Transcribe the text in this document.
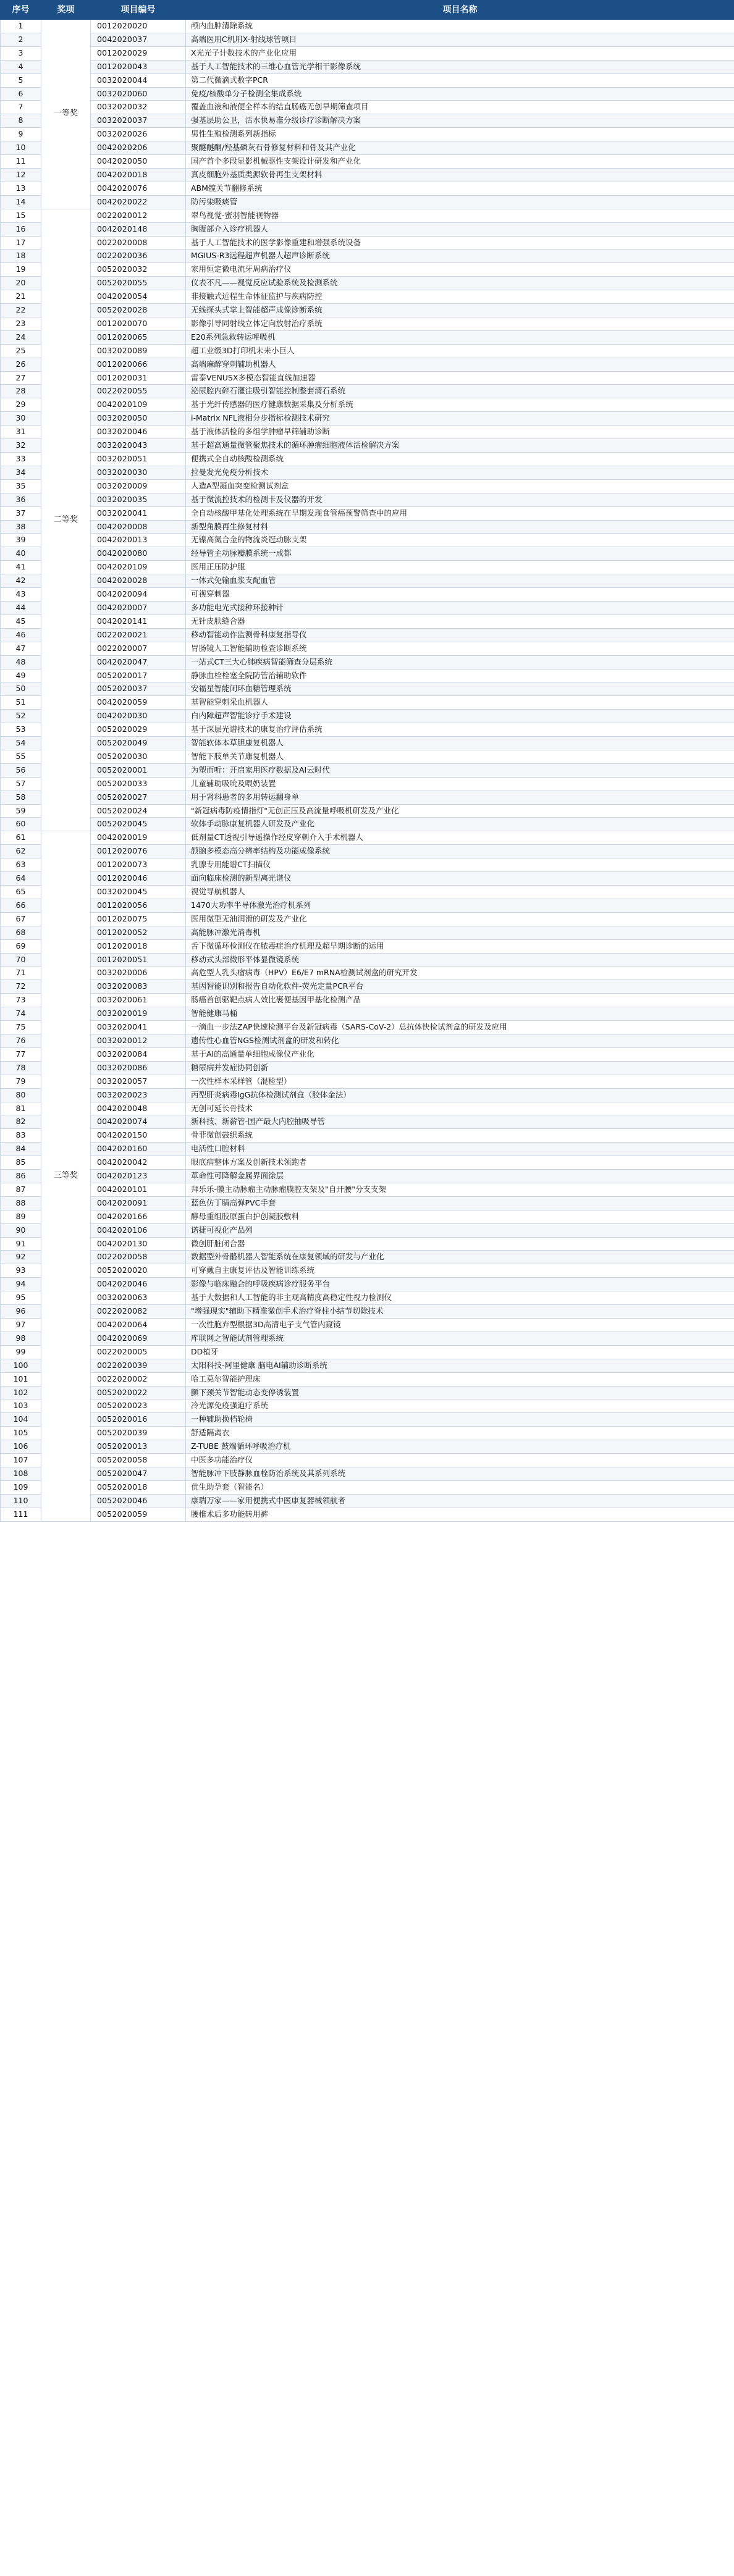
序号	奖项	项目编号	项目名称
1	一等奖	0012020020	颅内血肿清除系统
2		0042020037	高端医用C机用X-射线球管项目
3		0012020029	X光光子计数技术的产业化应用
4		0012020043	基于人工智能技术的三维心血管光学相干影像系统
5		0032020044	第二代微滴式数字PCR
6		0032020060	免疫/核酸单分子检测全集成系统
7		0032020032	覆盖血液和液便全样本的结直肠癌无创早期筛查项目
8		0032020037	强基层助公卫，活水快易准分级诊疗诊断解决方案
9		0032020026	男性生殖检测系列新指标
10		0042020206	聚醚醚酮/羟基磷灰石骨修复材料和骨及其产业化
11		0042020050	国产首个多段显影机械驱性支架设计研发和产业化
12		0042020018	真皮细胞外基质类源软骨再生支架材料
13		0042020076	ABM髋关节翻修系统
14		0042020022	防污染吸痰管
15	二等奖	0022020012	翠鸟视觉-蜜羽智能视物器
16		0042020148	胸腹部介入诊疗机器人
17		0022020008	基于人工智能技术的医学影像重建和增强系统设备
18		0022020036	MGIUS-R3远程超声机器人超声诊断系统
19		0052020032	家用恒定微电流牙周病治疗仪
20		0052020055	仪表不凡——视觉反应试验系统及检测系统
21		0042020054	非接触式远程生命体征监护与疾病防控
22		0052020028	无线探头式掌上智能超声成像诊断系统
23		0012020070	影像引导同射线立体定向放射治疗系统
24		0012020065	E20系列急救转运呼吸机
25		0032020089	超工业级3D打印机未来小巨人
26		0012020066	高端麻醉穿刺辅助机器人
27		0012020031	雷泰VENUSX多模态智能直线加速器
28		0022020055	泌尿腔内碎石灌注吸引智能控制整套清石系统
29		0042020109	基于光纤传感器的医疗健康数据采集及分析系统
30		0032020050	i-Matrix NFL液相分步指标检测技术研究
31		0032020046	基于液体活检的多组学肿瘤早筛辅助诊断
32		0032020043	基于超高通量微管聚焦技术的循环肿瘤细胞液体活检解决方案
33		0032020051	便携式全自动核酸检测系统
34		0032020030	拉曼发光免疫分析技术
35		0032020009	人造A型凝血突变检测试剂盒
36		0032020035	基于微流控技术的检测卡及仪器的开发
37		0032020041	全自动核酸甲基化处理系统在早期发现食管癌预警筛查中的应用
38		0042020008	新型角膜再生修复材料
39		0042020013	无镍高氮合金的物流炎冠动脉支架
40		0042020080	经导管主动脉瓣膜系统一成都
41		0042020109	医用正压防护服
42		0042020028	一体式免输血浆支配血管
43		0042020094	可视穿刺器
44		0042020007	多功能电光式接种环接种针
45		0042020141	无针皮肤缝合器
46		0022020021	移动智能动作监测骨科康复指导仪
47		0022020007	胃肠镜人工智能辅助检查诊断系统
48		0042020047	一站式CT三大心肺疾病智能筛查分层系统
49		0052020017	静脉血栓栓塞全院防管治辅助软件
50		0052020037	安福星智能闭环血糖管理系统
51		0042020059	基智能穿刺采血机器人
52		0042020030	白内障超声智能诊疗手术建设
53		0052020029	基于深层光谱技术的康复治疗评估系统
54		0052020049	智能软体本草胆康复机器人
55		0052020030	智能下肢单关节康复机器人
56		0052020001	为塑而听：开启家用医疗数据及AI云时代
57		0052020033	儿童辅助吸吮及喂奶装置
58		0052020027	用于肾科患者的多用转运翻身单
59		0052020024	"新冠病毒防疫情指灯"无创正压及高流量呼吸机研发及产业化
60		0052020045	软体手动脉康复机器人研发及产业化
61	三等奖	0042020019	低剂量CT透视引导遥操作经皮穿刺介入手术机器人
62		0012020076	颌脑多模态高分辨率结构及功能成像系统
63		0012020073	乳腺专用能谱CT扫描仪
64		0012020046	面向临床检测的新型离光谱仪
65		0032020045	视觉导航机器人
66		0012020056	1470大功率半导体激光治疗机系列
67		0012020075	医用微型无油润滑的研发及产业化
68		0012020052	高能脉冲激光消毒机
69		0012020018	舌下微循环检测仪在脓毒症治疗机理及超早期诊断的运用
70		0012020051	移动式头部微形平体显微镜系统
71		0032020006	高危型人乳头瘤病毒（HPV）E6/E7 mRNA检测试剂盒的研究开发
72		0032020083	基因智能识别和报告自动化软件-荧光定量PCR平台
73		0032020061	肠癌首创驱靶点病人效比裹便基因甲基化检测产品
74		0032020019	智能健康马桶
75		0032020041	一滴血一步法ZAP快速检测平台及新冠病毒（SARS-CoV-2）总抗体快检试剂盒的研发及应用
76		0032020012	遗传性心血管NGS检测试剂盒的研发和转化
77		0032020084	基于AI的高通量单细胞成像仪产业化
78		0032020086	糖尿病并发症协同创新
79		0032020057	一次性样本采样管（混检型）
80		0032020023	丙型肝炎病毒IgG抗体检测试剂盒（胶体金法）
81		0042020048	无创可延长骨技术
82		0042020074	新科技、新薪管-国产最大内腔抽吸导管
83		0042020150	骨菲微创鼓织系统
84		0042020160	电活性口腔材料
85		0042020042	眼底病整体方案及创新技术领跑者
86		0042020123	革命性可降解金属界面涂层
87		0042020101	拜乐乐-膜主动脉瘤主动脉瘤膜腔支架及"自开腰"分支支架
88		0042020091	蓝色仿丁腈高弹PVC手套
89		0042020166	酵母重组胶原蛋白护创凝胶敷料
90		0042020106	诺捷可视化产品列
91		0042020130	微创肝脏闭合器
92		0022020058	数据型外骨骼机器人智能系统在康复领域的研发与产业化
93		0052020020	可穿戴自主康复评估及智能训练系统
94		0042020046	影像与临床融合的呼吸疾病诊疗服务平台
95		0032020063	基于大数据和人工智能的非主观高精度高稳定性视力检测仪
96		0022020082	"增强现实"辅助下精准微创手术治疗脊柱小结节切除技术
97		0042020064	一次性胞弃型根据3D高清电子支气管内窥镜
98		0042020069	库联网之智能试剂管理系统
99		0022020005	DD植牙
100		0022020039	太阳科技-阿里健康 脑电AI辅助诊断系统
101		0022020002	哈工莫尔智能护理床
102		0052020022	颤下颈关节智能动态变停诱装置
103		0052020023	冷光源免疫强迫疗系统
104		0052020016	一种辅助换档轮椅
105		0052020039	舒适隔离衣
106		0052020013	Z-TUBE 鼓端循环呼吸治疗机
107		0052020058	中医多功能治疗仪
108		0052020047	智能脉冲下肢静脉血栓防治系统及其系列系统
109		0052020018	优生助孕套（智能名）
110		0052020046	康瑞万家——家用便携式中医康复器械领航者
111		0052020059	腰椎术后多功能转用裤
